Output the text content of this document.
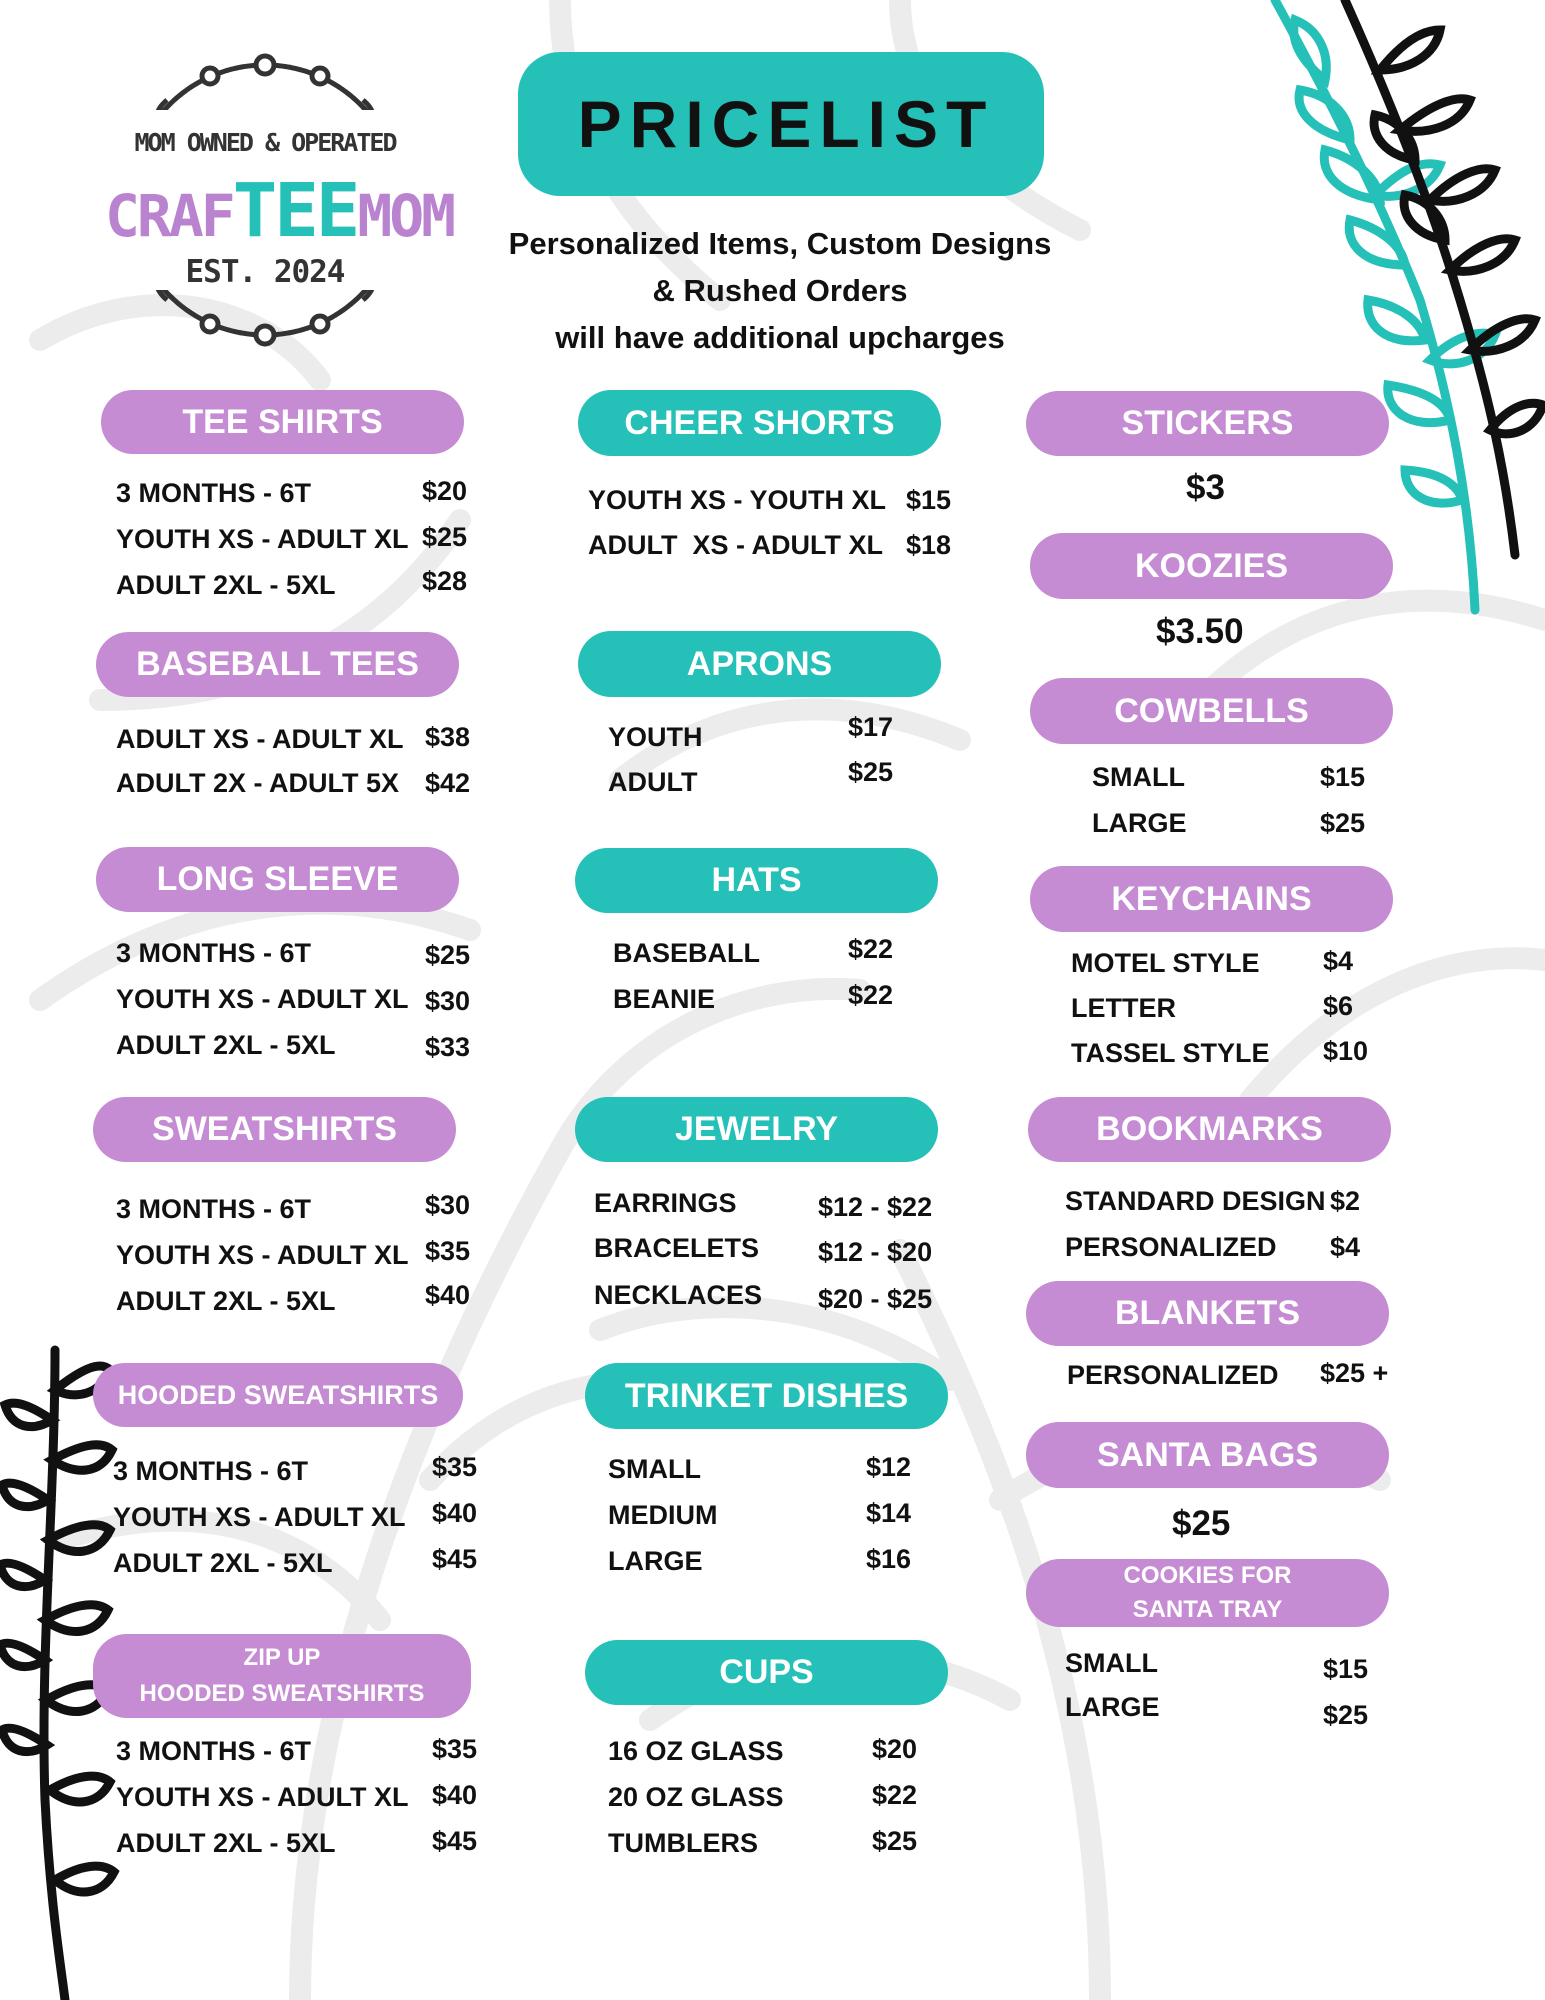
MOM OWNED & OPERATED
CRAFTEEMOM
EST. 2024
PRICELIST
Personalized Items, Custom Designs
& Rushed Orders
will have additional upcharges
TEE SHIRTS
3 MONTHS - 6T	$20
YOUTH XS - ADULT XL $25
ADULT 2XL - 5XL	$28
BASEBALL TEES
ADULT XS - ADULT XL $38
ADULT 2X - ADULT 5X $42
LONG SLEEVE
3 MONTHS - 6T	$25
YOUTH XS - ADULT XL $30
ADULT 2XL - 5XL	$33
SWEATSHIRTS
3 MONTHS - 6T	$30
YOUTH XS - ADULT XL $35
ADULT 2XL - 5XL	$40
HOODED SWEATSHIRTS
3 MONTHS - 6T	$35
YOUTH XS - ADULT XL $40
ADULT 2XL - 5XL	$45
ZIP UP
HOODED SWEATSHIRTS
3 MONTHS - 6T	$35
YOUTH XS - ADULT XL $40
ADULT 2XL - 5XL	$45
CHEER SHORTS
YOUTH XS - YOUTH XL $15
ADULT  XS - ADULT XL $18
APRONS
YOUTH	$17
ADULT	$25
HATS
BASEBALL	$22
BEANIE	$22
JEWELRY
EARRINGS	$12 - $22
BRACELETS $12 - $20
NECKLACES $20 - $25
TRINKET DISHES
SMALL	$12
MEDIUM	$14
LARGE	$16
CUPS
16 OZ GLASS	$20
20 OZ GLASS	$22
TUMBLERS	$25
STICKERS
$3
KOOZIES
$3.50
COWBELLS
SMALL	$15
LARGE	$25
KEYCHAINS
MOTEL STYLE $4
LETTER	$6
TASSEL STYLE $10
BOOKMARKS
STANDARD DESIGN $2
PERSONALIZED $4
BLANKETS
PERSONALIZED $25 +
SANTA BAGS
$25
COOKIES FOR
SANTA TRAY
SMALL	$15
LARGE	$25
